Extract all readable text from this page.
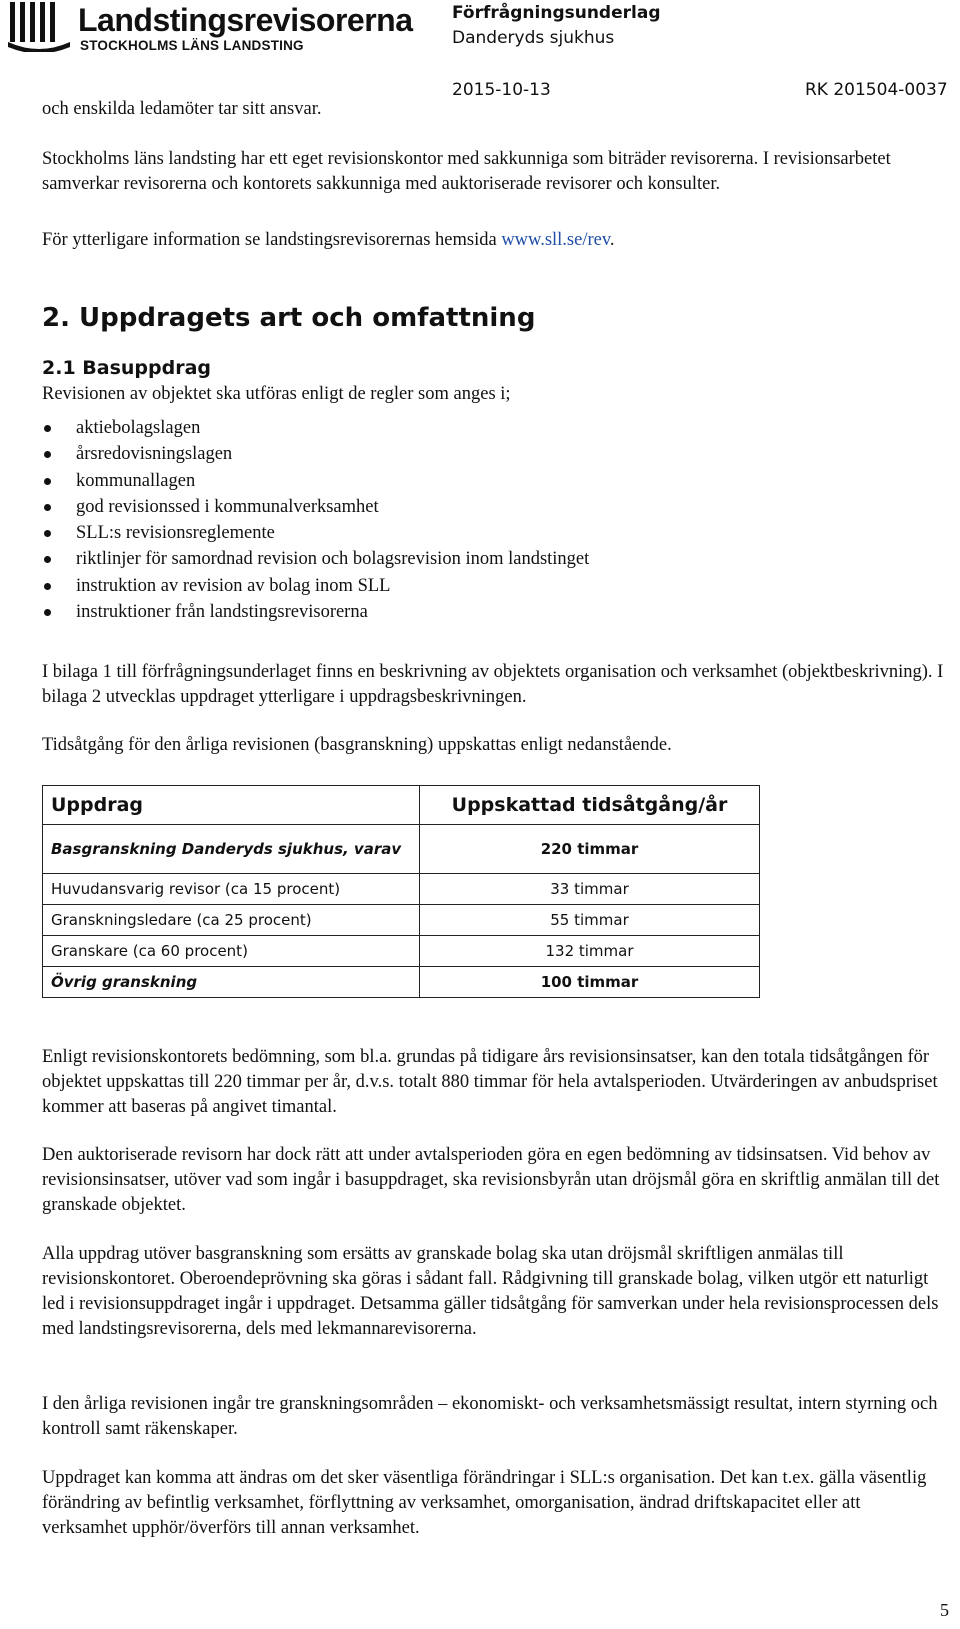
Landstingsrevisorerna
STOCKHOLMS LÄNS LANDSTING
Förfrågningsunderlag
Danderyds sjukhus
2015-10-13	RK 201504-0037

och enskilda ledamöter tar sitt ansvar.

Stockholms läns landsting har ett eget revisionskontor med sakkunniga som biträder revisorerna. I revisionsarbetet samverkar revisorerna och kontorets sakkunniga med auktoriserade revisorer och konsulter.

För ytterligare information se landstingsrevisorernas hemsida www.sll.se/rev.

2. Uppdragets art och omfattning
2.1 Basuppdrag

Revisionen av objektet ska utföras enligt de regler som anges i;

aktiebolagslagen
årsredovisningslagen
kommunallagen
god revisionssed i kommunalverksamhet
SLL:s revisionsreglemente
riktlinjer för samordnad revision och bolagsrevision inom landstinget
instruktion av revision av bolag inom SLL
instruktioner från landstingsrevisorerna

I bilaga 1 till förfrågningsunderlaget finns en beskrivning av objektets organisation och verksamhet (objektbeskrivning). I bilaga 2 utvecklas uppdraget ytterligare i uppdragsbeskrivningen.

Tidsåtgång för den årliga revisionen (basgranskning) uppskattas enligt nedanstående.

Uppdrag	Uppskattad tidsåtgång/år
Basgranskning Danderyds sjukhus, varav	220 timmar
Huvudansvarig revisor (ca 15 procent)	33 timmar
Granskningsledare (ca 25 procent)	55 timmar
Granskare (ca 60 procent)	132 timmar
Övrig granskning	100 timmar

Enligt revisionskontorets bedömning, som bl.a. grundas på tidigare års revisionsinsatser, kan den totala tidsåtgången för objektet uppskattas till 220 timmar per år, d.v.s. totalt 880 timmar för hela avtalsperioden. Utvärderingen av anbudspriset kommer att baseras på angivet timantal.

Den auktoriserade revisorn har dock rätt att under avtalsperioden göra en egen bedömning av tidsinsatsen. Vid behov av revisionsinsatser, utöver vad som ingår i basuppdraget, ska revisionsbyrån utan dröjsmål göra en skriftlig anmälan till det granskade objektet.

Alla uppdrag utöver basgranskning som ersätts av granskade bolag ska utan dröjsmål skriftligen anmälas till revisionskontoret. Oberoendeprövning ska göras i sådant fall. Rådgivning till granskade bolag, vilken utgör ett naturligt led i revisionsuppdraget ingår i uppdraget. Detsamma gäller tidsåtgång för samverkan under hela revisionsprocessen dels med landstingsrevisorerna, dels med lekmannarevisorerna.

I den årliga revisionen ingår tre granskningsområden – ekonomiskt- och verksamhetsmässigt resultat, intern styrning och kontroll samt räkenskaper.

Uppdraget kan komma att ändras om det sker väsentliga förändringar i SLL:s organisation. Det kan t.ex. gälla väsentlig förändring av befintlig verksamhet, förflyttning av verksamhet, omorganisation, ändrad driftskapacitet eller att verksamhet upphör/överförs till annan verksamhet.

5
